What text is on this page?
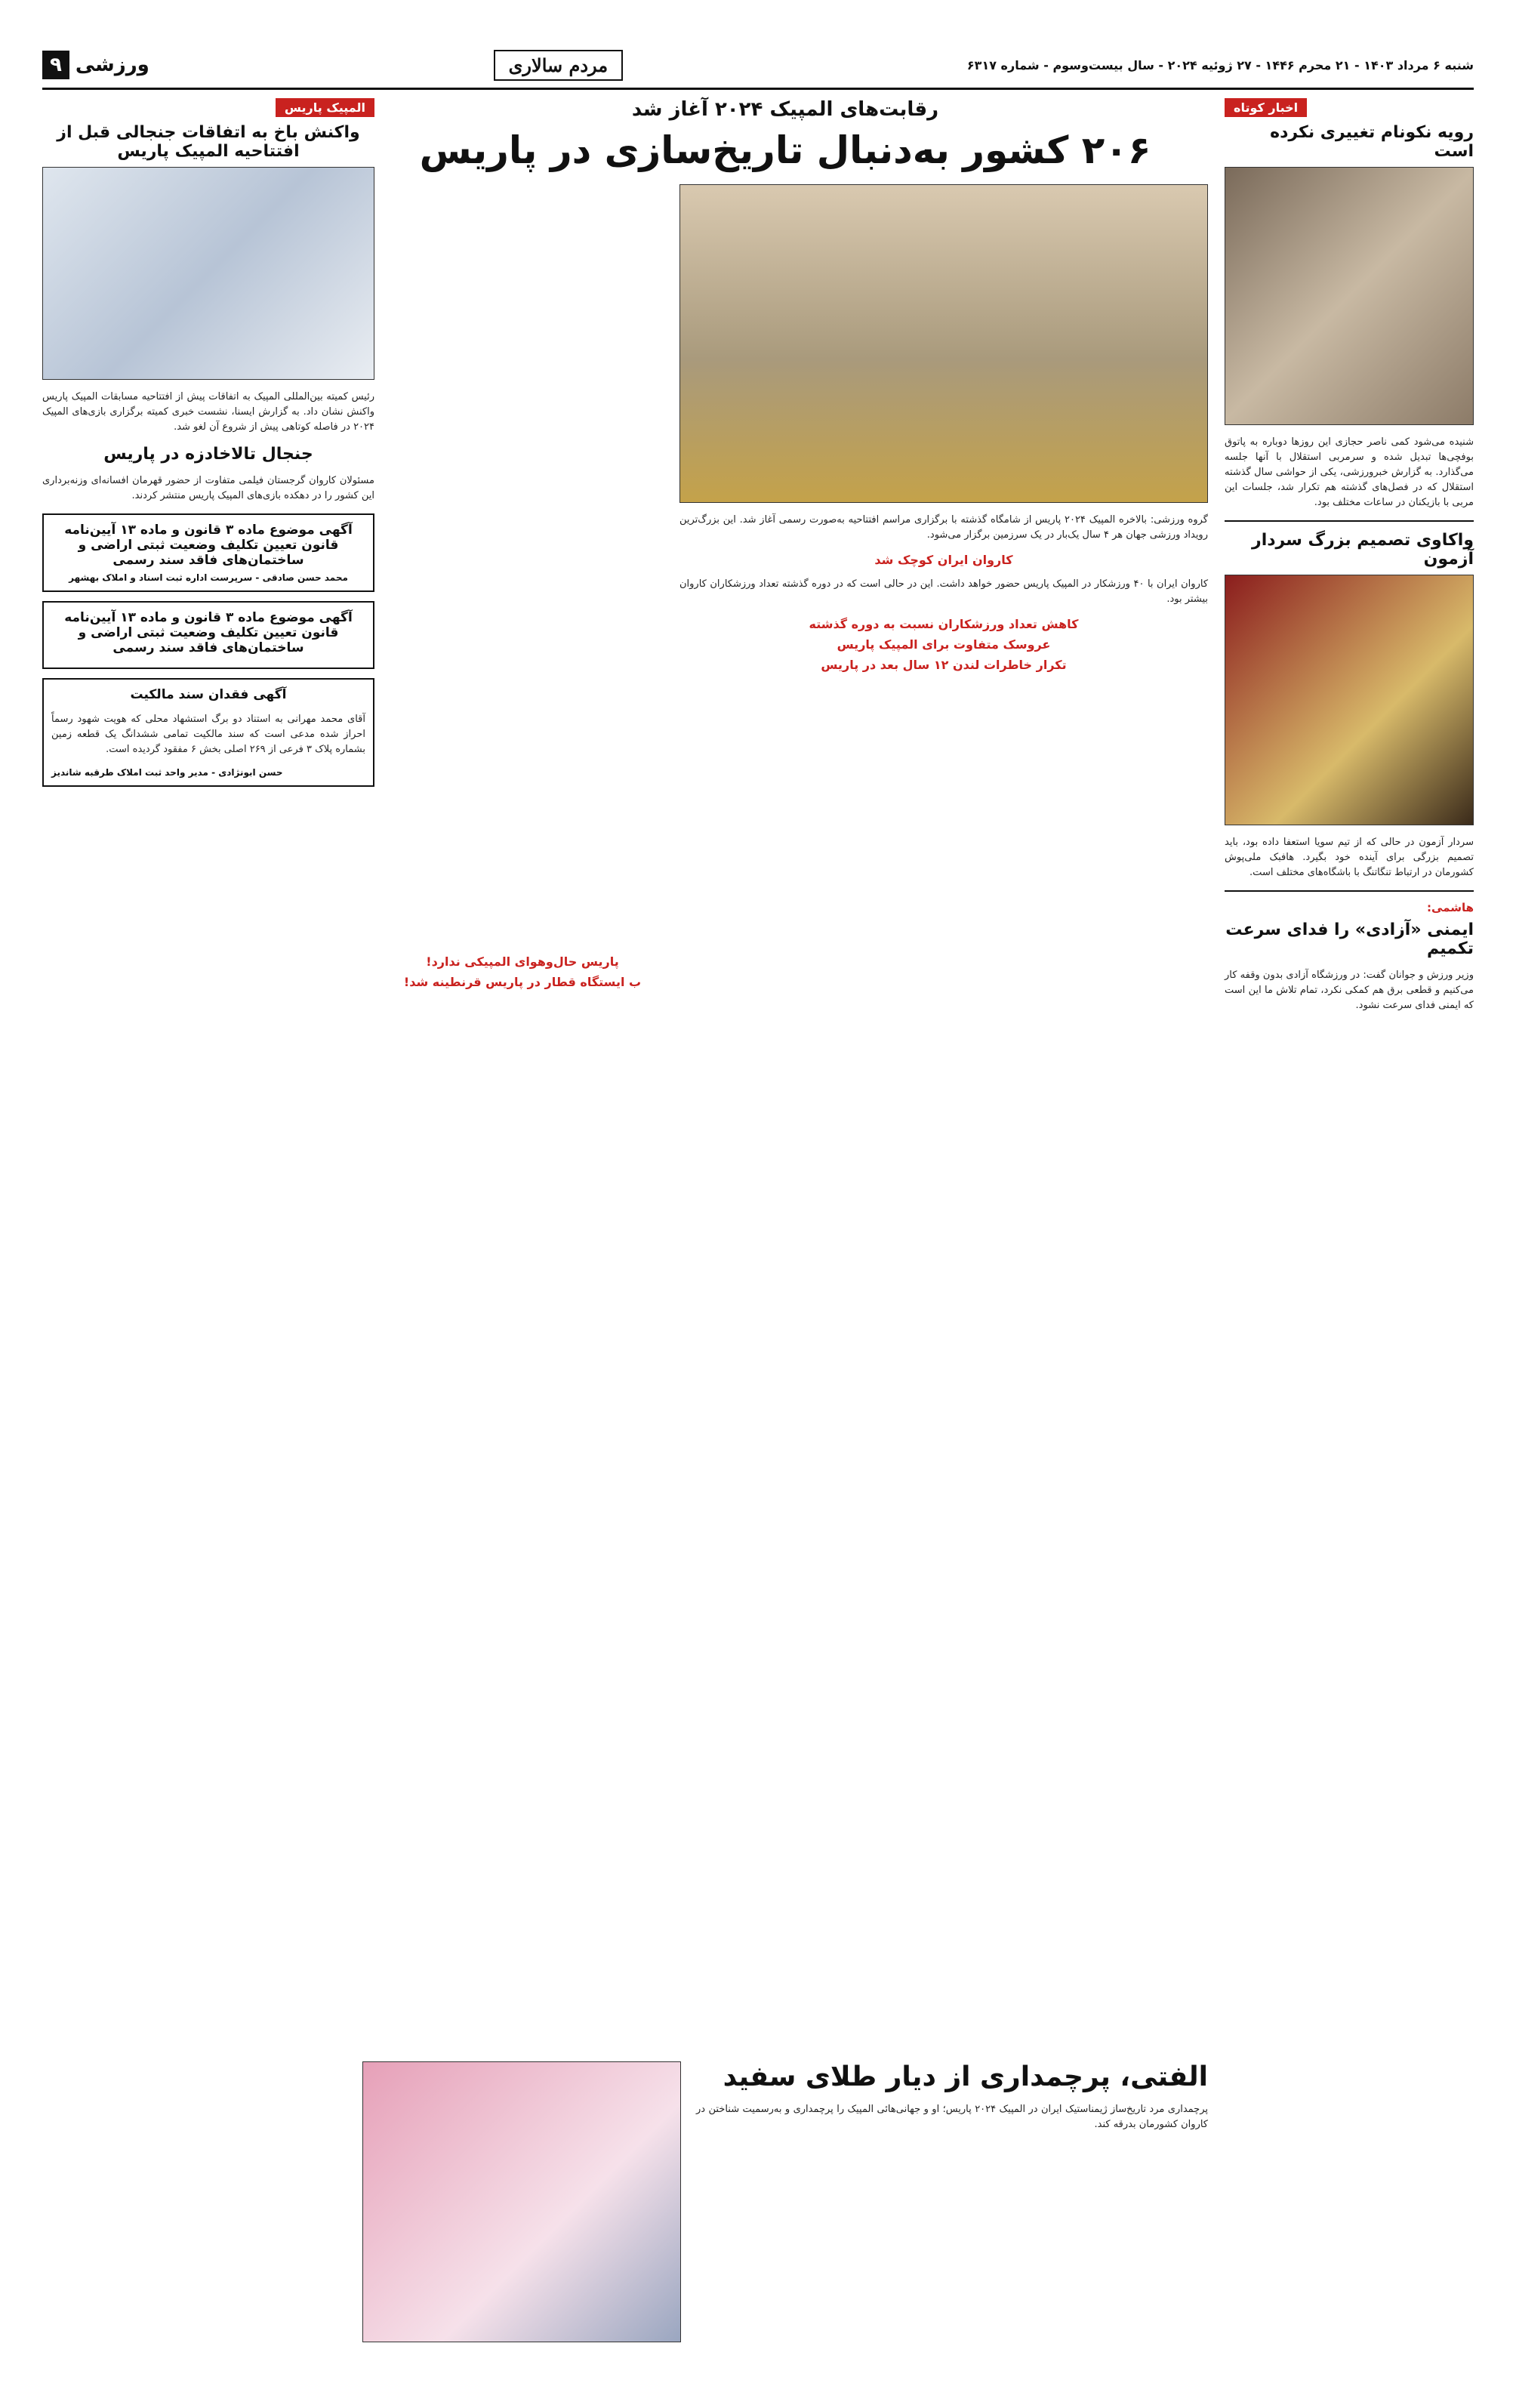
شنبه ۶ مرداد ۱۴۰۳ - ۲۱ محرم ۱۴۴۶ - ۲۷ ژوئیه ۲۰۲۴ - سال بیست‌وسوم - شماره ۶۳۱۷
مردم سالاری
ورزشی
۹
اخبار کوتاه
رویه نکونام تغییری نکرده است

شنیده می‌شود کمی ناصر حجازی این روزها دوباره به پاتوق بوفچی‌ها تبدیل شده و سرمربی استقلال با آنها جلسه می‌گذارد. به گزارش خبرورزشی، یکی از حواشی سال گذشته استقلال که در فصل‌های گذشته هم تکرار شد، جلسات این مربی با بازیکنان در ساعات مختلف بود.

واکاوی تصمیم بزرگ سردار آزمون

سردار آزمون در حالی که از تیم سویا استعفا داده بود، باید تصمیم بزرگی برای آینده خود بگیرد. هافبک ملی‌پوش کشورمان در ارتباط تنگاتنگ با باشگاه‌های مختلف است.

هاشمی:
ایمنی «آزادی» را فدای سرعت تکمیم

وزیر ورزش و جوانان گفت: در ورزشگاه آزادی بدون وقفه کار می‌کنیم و قطعی برق هم کمکی نکرد، تمام تلاش ما این است که ایمنی فدای سرعت نشود.

رقابت‌های المپیک ۲۰۲۴ آغاز شد
۲۰۶ کشور به‌دنبال تاریخ‌سازی در پاریس

گروه ورزشی: بالاخره المپیک ۲۰۲۴ پاریس از شامگاه گذشته با برگزاری مراسم افتتاحیه به‌صورت رسمی آغاز شد. این بزرگ‌ترین رویداد ورزشی جهان هر ۴ سال یک‌بار در یک سرزمین برگزار می‌شود.

کاروان ایران کوچک شد

کاروان ایران با ۴۰ ورزشکار در المپیک پاریس حضور خواهد داشت. این در حالی است که در دوره گذشته تعداد ورزشکاران کاروان بیشتر بود.

کاهش تعداد ورزشکاران نسبت به دوره گذشته
عروسک متفاوت برای المپیک پاریس
تکرار خاطرات لندن ۱۲ سال بعد در پاریس
پاریس حال‌وهوای المپیکی ندارد!
ب ایستگاه قطار در پاریس قرنطینه شد!
الفتی، پرچمداری از دیار طلای سفید

پرچمداری مرد تاریخ‌ساز ژیمناستیک ایران در المپیک ۲۰۲۴ پاریس؛ او و جهانی‌هائی المپیک را پرچمداری و به‌رسمیت شناختن در کاروان کشورمان بدرقه کند.

المپیک پاریس
واکنش باخ به اتفاقات جنجالی قبل از افتتاحیه المپیک پاریس

رئیس کمیته بین‌المللی المپیک به اتفاقات پیش از افتتاحیه مسابقات المپیک پاریس واکنش نشان داد. به گزارش ایسنا، نشست خبری کمیته برگزاری بازی‌های المپیک ۲۰۲۴ در فاصله کوتاهی پیش از شروع آن لغو شد.

جنجال تالاخادزه در پاریس

مسئولان کاروان گرجستان فیلمی متفاوت از حضور قهرمان افسانه‌ای وزنه‌برداری این کشور را در دهکده بازی‌های المپیک پاریس منتشر کردند.

آگهی موضوع ماده ۳ قانون و ماده ۱۳ آیین‌نامه قانون تعیین تکلیف وضعیت ثبتی اراضی و ساختمان‌های فاقد سند رسمی
محمد حسن صادقی - سرپرست اداره ثبت اسناد و املاک بهشهر
آگهی موضوع ماده ۳ قانون و ماده ۱۳ آیین‌نامه قانون تعیین تکلیف وضعیت ثبتی اراضی و ساختمان‌های فاقد سند رسمی
آگهی فقدان سند مالکیت

آقای محمد مهرانی به استناد دو برگ استشهاد محلی که هویت شهود رسماً احراز شده مدعی است که سند مالکیت تمامی ششدانگ یک قطعه زمین بشماره پلاک ۳ فرعی از ۲۶۹ اصلی بخش ۶ مفقود گردیده است.

حسن ابونژادی - مدیر واحد ثبت املاک طرقبه شاندیز
